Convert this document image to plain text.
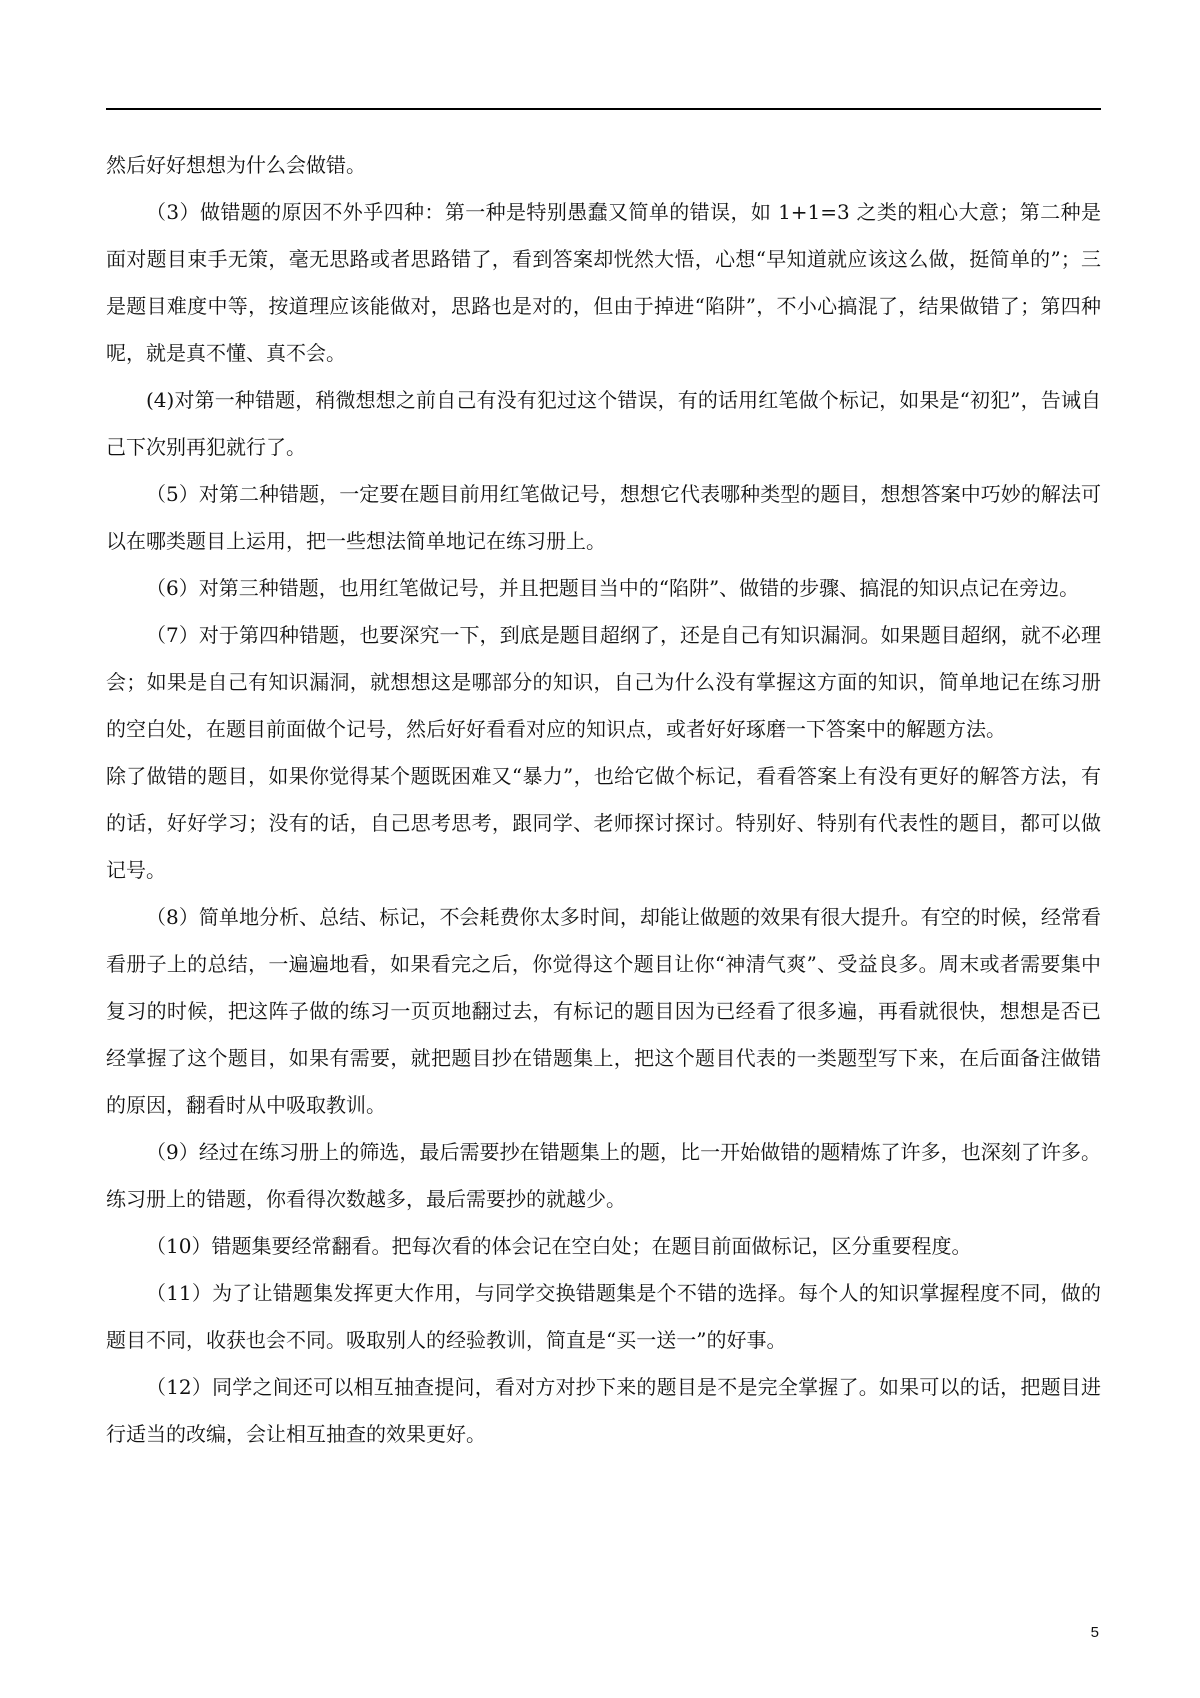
然后好好想想为什么会做错。

（3）做错题的原因不外乎四种：第一种是特别愚蠢又简单的错误，如 1+1=3 之类的粗心大意；第二种是面对题目束手无策，毫无思路或者思路错了，看到答案却恍然大悟，心想“早知道就应该这么做，挺简单的”；三是题目难度中等，按道理应该能做对，思路也是对的，但由于掉进“陷阱”，不小心搞混了，结果做错了；第四种呢，就是真不懂、真不会。

(4)对第一种错题，稍微想想之前自己有没有犯过这个错误，有的话用红笔做个标记，如果是“初犯”，告诫自己下次别再犯就行了。

（5）对第二种错题，一定要在题目前用红笔做记号，想想它代表哪种类型的题目，想想答案中巧妙的解法可以在哪类题目上运用，把一些想法简单地记在练习册上。

（6）对第三种错题，也用红笔做记号，并且把题目当中的“陷阱”、做错的步骤、搞混的知识点记在旁边。

（7）对于第四种错题，也要深究一下，到底是题目超纲了，还是自己有知识漏洞。如果题目超纲，就不必理会；如果是自己有知识漏洞，就想想这是哪部分的知识，自己为什么没有掌握这方面的知识，简单地记在练习册的空白处，在题目前面做个记号，然后好好看看对应的知识点，或者好好琢磨一下答案中的解题方法。

除了做错的题目，如果你觉得某个题既困难又“暴力”，也给它做个标记，看看答案上有没有更好的解答方法，有的话，好好学习；没有的话，自己思考思考，跟同学、老师探讨探讨。特别好、特别有代表性的题目，都可以做记号。

（8）简单地分析、总结、标记，不会耗费你太多时间，却能让做题的效果有很大提升。有空的时候，经常看看册子上的总结，一遍遍地看，如果看完之后，你觉得这个题目让你“神清气爽”、受益良多。周末或者需要集中复习的时候，把这阵子做的练习一页页地翻过去，有标记的题目因为已经看了很多遍，再看就很快，想想是否已经掌握了这个题目，如果有需要，就把题目抄在错题集上，把这个题目代表的一类题型写下来，在后面备注做错的原因，翻看时从中吸取教训。

（9）经过在练习册上的筛选，最后需要抄在错题集上的题，比一开始做错的题精炼了许多，也深刻了许多。练习册上的错题，你看得次数越多，最后需要抄的就越少。

（10）错题集要经常翻看。把每次看的体会记在空白处；在题目前面做标记，区分重要程度。

（11）为了让错题集发挥更大作用，与同学交换错题集是个不错的选择。每个人的知识掌握程度不同，做的题目不同，收获也会不同。吸取别人的经验教训，简直是“买一送一”的好事。

（12）同学之间还可以相互抽查提问，看对方对抄下来的题目是不是完全掌握了。如果可以的话，把题目进行适当的改编，会让相互抽查的效果更好。

5
